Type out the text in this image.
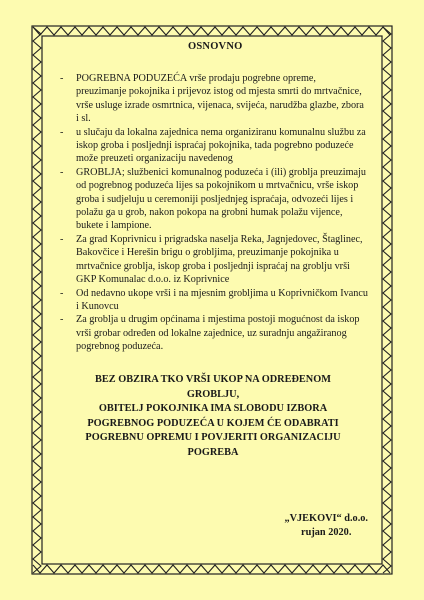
OSNOVNO
- POGREBNA PODUZEĆA vrše prodaju pogrebne opreme, preuzimanje pokojnika i prijevoz istog od mjesta smrti do mrtvačnice, vrše usluge izrade osmrtnica, vijenaca, svijeća, narudžba glazbe, zbora i sl.
- u slučaju da lokalna zajednica nema organiziranu komunalnu službu za iskop groba i posljednji ispraćaj pokojnika, tada pogrebno poduzeće može preuzeti organizaciju navedenog
- GROBLJA; službenici komunalnog poduzeća i (ili) groblja preuzimaju od pogrebnog poduzeća lijes sa pokojnikom u mrtvačnicu, vrše iskop groba i sudjeluju u ceremoniji posljednjeg ispraćaja, odvozeći lijes i polažu ga u grob, nakon pokopa na grobni humak polažu vijence, bukete i lampione.
- Za grad Koprivnicu i prigradska naselja Reka, Jagnjedovec, Štaglinec, Bakovčice i Herešin brigu o grobljima, preuzimanje pokojnika u mrtvačnice groblja, iskop groba i posljednji ispraćaj na groblju vrši GKP Komunalac d.o.o. iz Koprivnice
- Od nedavno ukope vrši i na mjesnim grobljima u Koprivničkom Ivancu i Kunovcu
- Za groblja u drugim općinama i mjestima postoji mogućnost da iskop vrši grobar određen od lokalne zajednice, uz suradnju angažiranog pogrebnog poduzeća.
BEZ OBZIRA TKO VRŠI UKOP NA ODREĐENOM
GROBLJU,
OBITELJ POKOJNIKA IMA SLOBODU IZBORA
POGREBNOG PODUZEĆA U KOJEM ĆE ODABRATI
POGREBNU OPREMU I POVJERITI ORGANIZACIJU
POGREBA
„VJEKOVI“ d.o.o.
rujan 2020.
